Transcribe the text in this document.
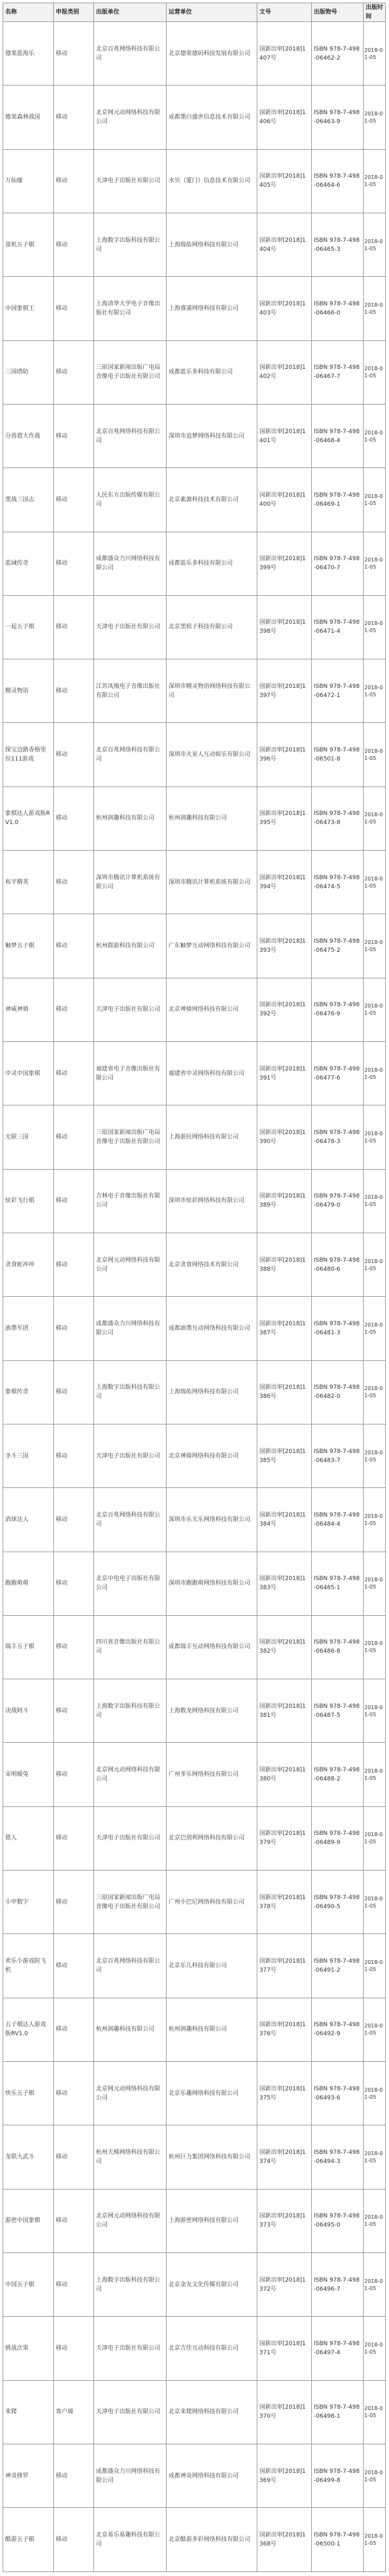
名称	申报类别	出版单位	运营单位	文号	出版物号	出版时间
德果蓝海乐	移动	北京百兆网络科技有限公司	北京德果德码科技发展有限公司	国新出审[2018]1407号	ISBN 978-7-498-06462-2	2018-01-05
德果森林战国	移动	北京网元动网络科技有限公司	成都墨白盛世信息技术有限公司	国新出审[2018]1406号	ISBN 978-7-498-06463-9	2018-01-05
万仙缘	移动	天津电子出版社有限公司	水贝（厦门）信息技术有限公司	国新出审[2018]1405号	ISBN 978-7-498-06464-6	2018-01-05
部机五子棋	移动	上海数字出版科技有限公司	上海瑞佑网络科技有限公司	国新出审[2018]1404号	ISBN 978-7-498-06465-3	2018-01-05
中国象棋王	移动	上海清华大学电子音像出版社有限公司	上海睿浦网络科技有限公司	国新出审[2018]1403号	ISBN 978-7-498-06466-0	2018-01-05
三国塔防	移动	三原国家新闻出版广电局音像电子出版社有限公司	成都蓝乐多科技有限公司	国新出审[2018]1402号	ISBN 978-7-498-06467-7	2018-01-05
分兽猎大作战	移动	北京百兆网络科技有限公司	深圳市追梦网络科技有限公司	国新出审[2018]1401号	ISBN 978-7-498-06468-4	2018-01-05
黑战三国志	移动	人民东方出版传媒有限公司	北京素源科技技术有限公司	国新出审[2018]1400号	ISBN 978-7-498-06469-1	2018-01-05
蓝域传奇	移动	成都盛众力川网络科技有限公司	成都蓝乐多科技有限公司	国新出审[2018]1399号	ISBN 978-7-498-06470-7	2018-01-05
一起五子棋	移动	天津电子出版社有限公司	北京黑桔子科技有限公司	国新出审[2018]1398号	ISBN 978-7-498-06471-4	2018-01-05
精灵物语	移动	江苏凤凰电子音像出版社有限公司	深圳市精灵物语网络科技有限公司	国新出审[2018]1397号	ISBN 978-7-498-06472-1	2018-01-05
探宝边路香格里拉111游戏	移动	北京百兆网络科技有限公司	深圳市火星人互动娱乐有限公司	国新出审[2018]1396号	ISBN 978-7-498-06501-8	2018-01-05
象棋达人游戏版RV1.0	移动	杭州润趣科技有限公司	杭州润趣科技有限公司	国新出审[2018]1395号	ISBN 978-7-498-06473-8	2018-01-05
和平精英	移动	深圳市腾讯计算机系统有限公司	深圳市腾讯计算机系统有限公司	国新出审[2018]1394号	ISBN 978-7-498-06474-5	2018-01-05
触梦五子棋	移动	杭州群游科技有限公司	广东触梦互动网络科技有限公司	国新出审[2018]1393号	ISBN 978-7-498-06475-2	2018-01-05
神威神骑	移动	天津电子出版社有限公司	北京神骑网络科技有限公司	国新出审[2018]1392号	ISBN 978-7-498-06476-9	2018-01-05
中灵中国象棋	移动	福建省电子音像出版社有限公司	福建省中灵网络科技有限公司	国新出审[2018]1391号	ISBN 978-7-498-06477-6	2018-01-05
无限三国	移动	三原国家新闻出版广电局音像电子出版社有限公司	上海游民网络科技有限公司	国新出审[2018]1390号	ISBN 978-7-498-06478-3	2018-01-05
炫彩飞行棋	移动	吉林电子音像出版社有限公司	深圳市炫彩网络科技有限公司	国新出审[2018]1389号	ISBN 978-7-498-06479-0	2018-01-05
贪食蛇冲冲	移动	北京网元动网络科技有限公司	北京贪食网络技术有限公司	国新出审[2018]1388号	ISBN 978-7-498-06480-6	2018-01-05
油墨军团	移动	成都盛众力川网络科技有限公司	成都油墨互动网络科技有限公司	国新出审[2018]1387号	ISBN 978-7-498-06481-3	2018-01-05
象棋传奇	移动	上海数字出版科技有限公司	上海瑞佑网络科技有限公司	国新出审[2018]1386号	ISBN 978-7-498-06482-0	2018-01-05
圣斗三国	移动	天津电子出版社有限公司	北京神骑网络科技有限公司	国新出审[2018]1385号	ISBN 978-7-498-06483-7	2018-01-05
消球达人	移动	北京百兆网络科技有限公司	深圳市乐天乐网络科技有限公司	国新出审[2018]1384号	ISBN 978-7-498-06484-4	2018-01-05
跑跑萌萌	移动	北京中电电子出版社有限公司	深圳市跑跑萌网络科技有限公司	国新出审[2018]1383号	ISBN 978-7-498-06485-1	2018-01-05
瑞丰五子棋	移动	四川省音像出版社有限公司	成都瑞丰互动网络科技有限公司	国新出审[2018]1382号	ISBN 978-7-498-06486-8	2018-01-05
决战阿斗	移动	上海数字出版科技有限公司	上海数龙网络科技有限公司	国新出审[2018]1381号	ISBN 978-7-498-06487-5	2018-01-05
宋明暖兔	移动	北京网元动网络科技有限公司	广州多乐网络科技有限公司	国新出审[2018]1380号	ISBN 978-7-498-06488-2	2018-01-05
猎人	移动	天津电子出版社有限公司	北京巴别利网络科技有限公司	国新出审[2018]1379号	ISBN 978-7-498-06489-9	2018-01-05
小甲数字	移动	三原国家新闻出版广电局音像电子出版社有限公司	广州小巴尼网络科技有限公司	国新出审[2018]1378号	ISBN 978-7-498-06490-5	2018-01-05
欢乐小游戏院飞机	移动	北京百兆网络科技有限公司	北京乐儿科技有限公司	国新出审[2018]1377号	ISBN 978-7-498-06491-2	2018-01-05
五子棋达人游戏版RV1.0	移动	杭州润趣科技有限公司	杭州润趣科技有限公司	国新出审[2018]1376号	ISBN 978-7-498-06492-9	2018-01-05
快乐五子棋	移动	北京网元动网络科技有限公司	北京乐趣网络科技有限公司	国新出审[2018]1375号	ISBN 978-7-498-06493-6	2018-01-05
龙联大武斗	移动	杭州天梯网络科技有限公司	杭州巨力集团网络科技有限公司	国新出审[2018]1374号	ISBN 978-7-498-06494-3	2018-01-05
游密中国象棋	移动	北京网元动网络科技有限公司	上海游密网络科技有限公司	国新出审[2018]1373号	ISBN 978-7-498-06495-0	2018-01-05
中国五子棋	移动	上海数字出版科技有限公司	北京金友文化传媒有限公司	国新出审[2018]1372号	ISBN 978-7-498-06496-7	2018-01-05
挑战次果	移动	天津电子出版社有限公司	北京吉佳互动科技有限公司	国新出审[2018]1371号	ISBN 978-7-498-06497-4	2018-01-05
来爬	客户端	天津电子出版社有限公司	北京来爬网络科技有限公司	国新出审[2018]1370号	ISBN 978-7-498-06498-1	2018-01-05
神炎修罗	移动	成都盛众力川网络科技有限公司	成都神炎网络科技有限公司	国新出审[2018]1369号	ISBN 978-7-498-06499-8	2018-01-05
酷游五子棋	移动	北京易乐易趣科技有限公司	北京酷游多彩网络科技有限公司	国新出审[2018]1368号	ISBN 978-7-498-06500-1	2018-01-05
